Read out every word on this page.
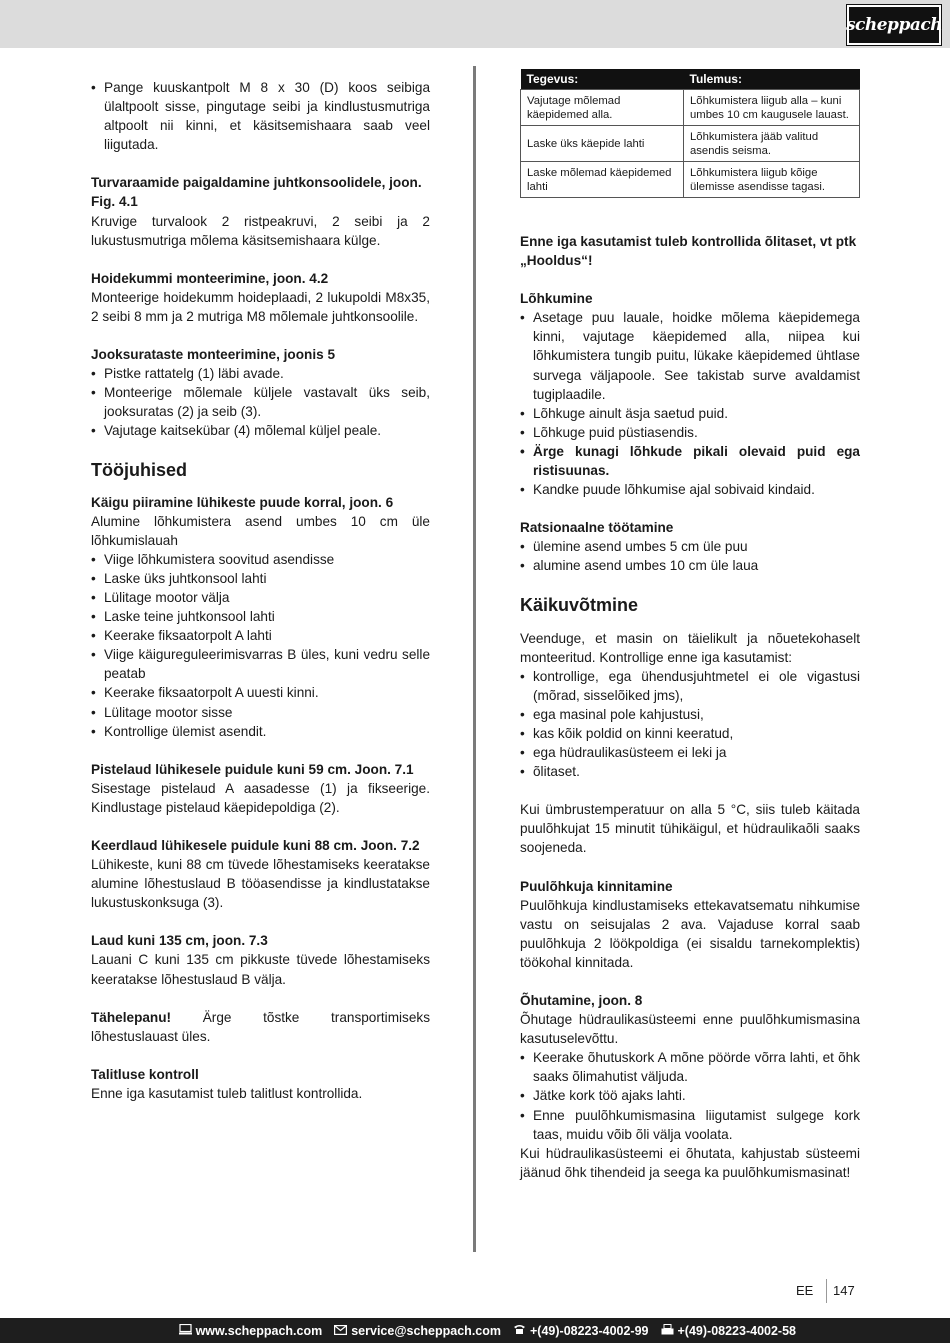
scheppach
• Pange kuuskantpolt M 8 x 30 (D) koos seibiga ülaltpoolt sisse, pingutage seibi ja kindlustusmutriga altpoolt nii kinni, et käsitsemishaara saab veel liigutada.

Turvaraamide paigaldamine juhtkonsoolidele, joon. Fig. 4.1

Kruvige turvalook 2 ristpeakruvi, 2 seibi ja 2 lukustusmutriga mõlema käsitsemishaara külge.

Hoidekummi monteerimine, joon. 4.2

Monteerige hoidekumm hoideplaadi, 2 lukupoldi M8x35, 2 seibi 8 mm ja 2 mutriga M8 mõlemale juhtkonsoolile.

Jooksurataste monteerimine, joonis 5

• Pistke rattatelg (1) läbi avade.
• Monteerige mõlemale küljele vastavalt üks seib, jooksuratas (2) ja seib (3).
• Vajutage kaitsekübar (4) mõlemal küljel peale.

Tööjuhised

Käigu piiramine lühikeste puude korral, joon. 6

Alumine lõhkumistera asend umbes 10 cm üle lõhkumislauah

• Viige lõhkumistera soovitud asendisse
• Laske üks juhtkonsool lahti
• Lülitage mootor välja
• Laske teine juhtkonsool lahti
• Keerake fiksaatorpolt A lahti
• Viige käigureguleerimisvarras B üles, kuni vedru selle peatab
• Keerake fiksaatorpolt A uuesti kinni.
• Lülitage mootor sisse
• Kontrollige ülemist asendit.

Pistelaud lühikesele puidule kuni 59 cm. Joon. 7.1

Sisestage pistelaud A aasadesse (1) ja fikseerige. Kindlustage pistelaud käepidepoldiga (2).

Keerdlaud lühikesele puidule kuni 88 cm. Joon. 7.2

Lühikeste, kuni 88 cm tüvede lõhestamiseks keeratakse alumine lõhestuslaud B tööasendisse ja kindlustatakse lukustuskonksuga (3).

Laud kuni 135 cm, joon. 7.3

Lauani C kuni 135 cm pikkuste tüvede lõhestamiseks keeratakse lõhestuslaud B välja.

Tähelepanu! Ärge tõstke transportimiseks lõhestuslauast üles.

Talitluse kontroll

Enne iga kasutamist tuleb talitlust kontrollida.

Tegevus:	Tulemus:
Vajutage mõlemad käepidemed alla.	Lõhkumistera liigub alla – kuni umbes 10 cm kaugusele lauast.
Laske üks käepide lahti	Lõhkumistera jääb valitud asendis seisma.
Laske mõlemad käepidemed lahti	Lõhkumistera liigub kõige ülemisse asendisse tagasi.

Enne iga kasutamist tuleb kontrollida õlitaset, vt ptk „Hooldus“!

Lõhkumine

• Asetage puu lauale, hoidke mõlema käepidemega kinni, vajutage käepidemed alla, niipea kui lõhkumistera tungib puitu, lükake käepidemed ühtlase survega väljapoole. See takistab surve avaldamist tugiplaadile.
• Lõhkuge ainult äsja saetud puid.
• Lõhkuge puid püstiasendis.
• Ärge kunagi lõhkude pikali olevaid puid ega ristisuunas.
• Kandke puude lõhkumise ajal sobivaid kindaid.

Ratsionaalne töötamine

• ülemine asend umbes 5 cm üle puu
• alumine asend umbes 10 cm üle laua

Käikuvõtmine

Veenduge, et masin on täielikult ja nõuetekohaselt monteeritud. Kontrollige enne iga kasutamist:

• kontrollige, ega ühendusjuhtmetel ei ole vigastusi (mõrad, sisselõiked jms),
• ega masinal pole kahjustusi,
• kas kõik poldid on kinni keeratud,
• ega hüdraulikasüsteem ei leki ja
• õlitaset.

Kui ümbrustemperatuur on alla 5 °C, siis tuleb käitada puulõhkujat 15 minutit tühikäigul, et hüdraulikaõli saaks soojeneda.

Puulõhkuja kinnitamine

Puulõhkuja kindlustamiseks ettekavatsematu nihkumise vastu on seisujalas 2 ava. Vajaduse korral saab puulõhkuja 2 löökpoldiga (ei sisaldu tarnekomplektis) töökohal kinnitada.

Õhutamine, joon. 8

Õhutage hüdraulikasüsteemi enne puulõhkumismasina kasutuselevõttu.

• Keerake õhutuskork A mõne pöörde võrra lahti, et õhk saaks õlimahutist väljuda.
• Jätke kork töö ajaks lahti.
• Enne puulõhkumismasina liigutamist sulgege kork taas, muidu võib õli välja voolata.

Kui hüdraulikasüsteemi ei õhutata, kahjustab süsteemi jäänud õhk tihendeid ja seega ka puulõhkumismasinat!

EE 147
www.scheppach.com service@scheppach.com +(49)-08223-4002-99 +(49)-08223-4002-58
